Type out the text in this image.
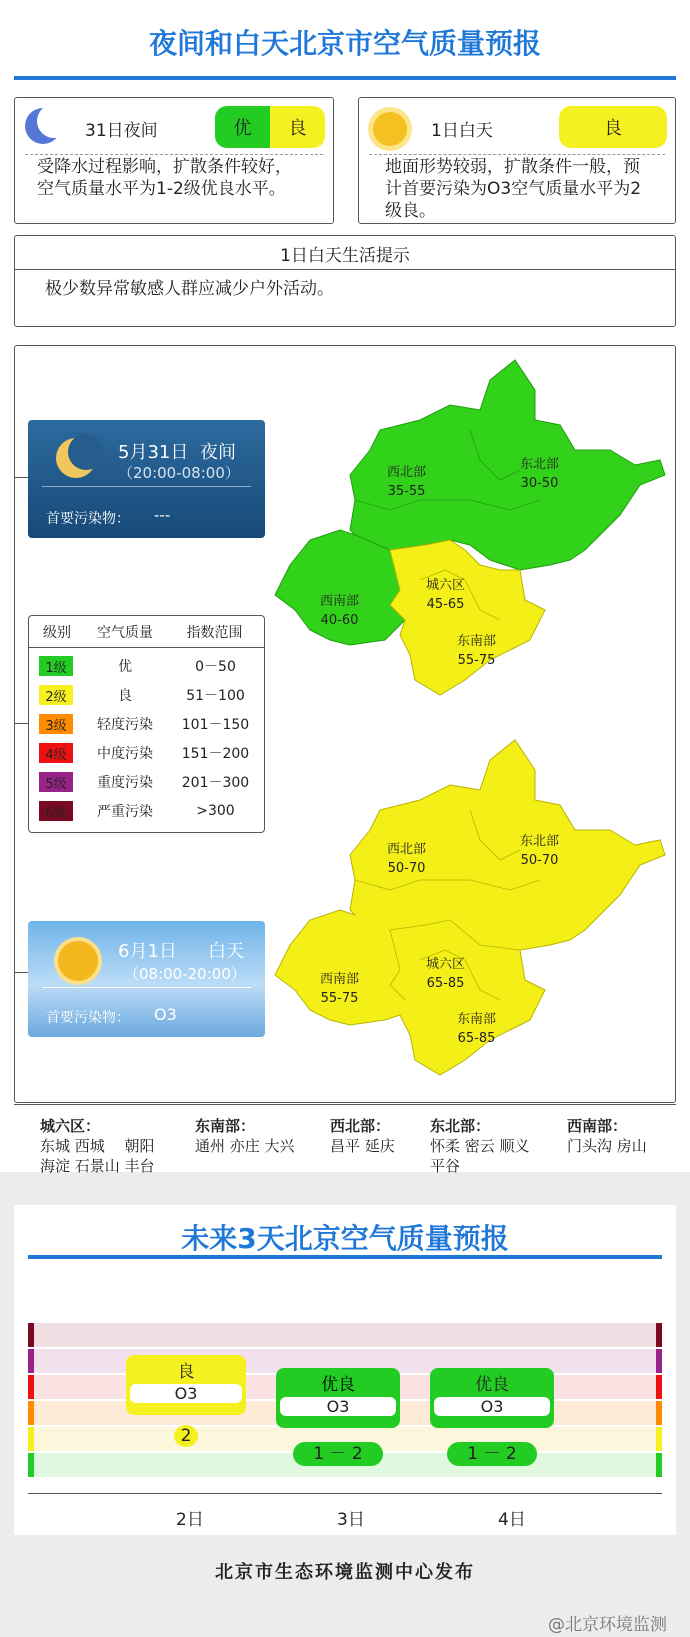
夜间和白天北京市空气质量预报
31日夜间	优	良
受降水过程影响，扩散条件较好，空气质量水平为1-2级优良水平。
1日白天	良
地面形势较弱，扩散条件一般，预计首要污染为O3空气质量水平为2级良。
1日白天生活提示
极少数异常敏感人群应减少户外活动。
西北部
35-55
东北部
30-50
城六区
45-65
西南部
40-60
东南部
55-75
西北部
50-70
东北部
50-70
城六区
65-85
西南部
55-75
东南部
65-85
5月31日 夜间
（20:00-08:00）
首要污染物： ---
级别	空气质量	指数范围
1级	优	0－50
2级	良	51－100
3级	轻度污染	101－150
4级	中度污染	151－200
5级	重度污染	201－300
6级	严重污染	>300
6月1日 白天
（08:00-20:00）
首要污染物： O3
城六区：
东城 西城　 朝阳
海淀 石景山 丰台
东南部：
通州 亦庄 大兴
西北部：
昌平 延庆
东北部：
怀柔 密云 顺义
平谷
西南部：
门头沟 房山
未来3天北京空气质量预报
良
O3
2
优良
O3
1 － 2
优良
O3
1 － 2
2日	3日	4日
北京市生态环境监测中心发布
@北京环境监测
